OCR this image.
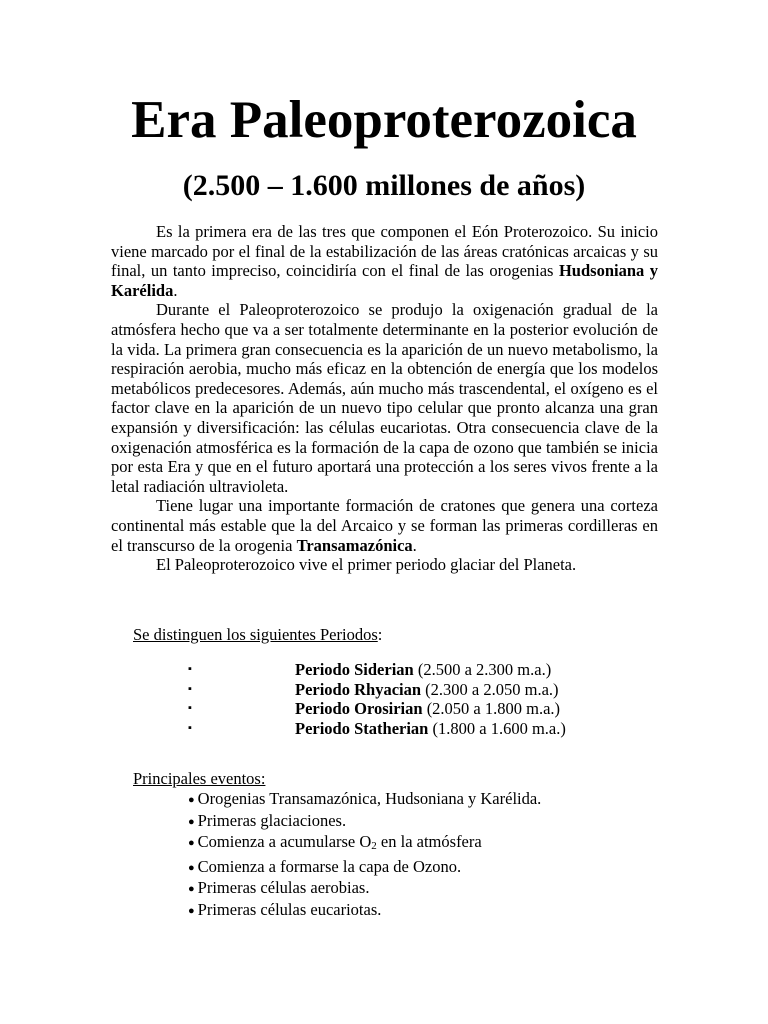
Era Paleoproterozoica
(2.500 – 1.600 millones de años)

Es la primera era de las tres que componen el Eón Proterozoico. Su inicio viene marcado por el final de la estabilización de las áreas cratónicas arcaicas y su final, un tanto impreciso, coincidiría con el final de las orogenias Hudsoniana y Karélida.

Durante el Paleoproterozoico se produjo la oxigenación gradual de la atmósfera hecho que va a ser totalmente determinante en la posterior evolución de la vida. La primera gran consecuencia es la aparición de un nuevo metabolismo, la respiración aerobia, mucho más eficaz en la obtención de energía que los modelos metabólicos predecesores. Además, aún mucho más trascendental, el oxígeno es el factor clave en la aparición de un nuevo tipo celular que pronto alcanza una gran expansión y diversificación: las células eucariotas. Otra consecuencia clave de la oxigenación atmosférica es la formación de la capa de ozono que también se inicia por esta Era y que en el futuro aportará una protección a los seres vivos frente a la letal radiación ultravioleta.

Tiene lugar una importante formación de cratones que genera una corteza continental más estable que la del Arcaico y se forman las primeras cordilleras en el transcurso de la orogenia Transamazónica.

El Paleoproterozoico vive el primer periodo glaciar del Planeta.

Se distinguen los siguientes Periodos:
▪	Periodo Siderian (2.500 a 2.300 m.a.)
▪	Periodo Rhyacian (2.300 a 2.050 m.a.)
▪	Periodo Orosirian (2.050 a 1.800 m.a.)
▪	Periodo Statherian (1.800 a 1.600 m.a.)
Principales eventos:
● Orogenias Transamazónica, Hudsoniana y Karélida.
● Primeras glaciaciones.
● Comienza a acumularse $O_2$ en la atmósfera
● Comienza a formarse la capa de Ozono.
● Primeras células aerobias.
● Primeras células eucariotas.
